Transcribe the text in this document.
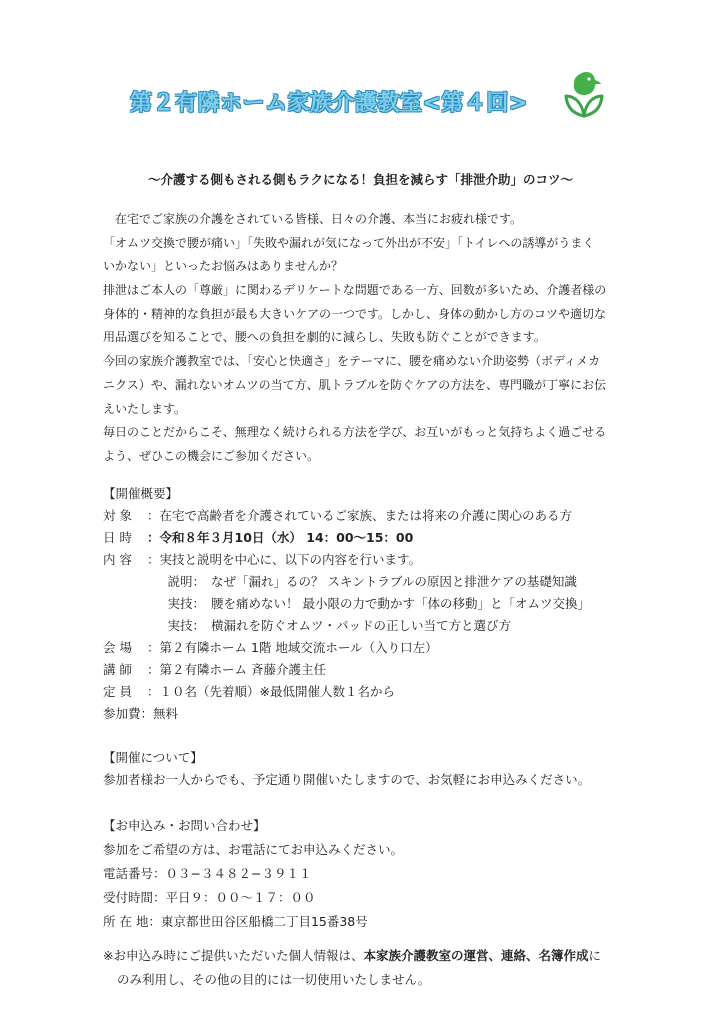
第２有隣ホーム家族介護教室<第４回>
〜介護する側もされる側もラクになる！負担を減らす「排泄介助」のコツ〜
在宅でご家族の介護をされている皆様、日々の介護、本当にお疲れ様です。
「オムツ交換で腰が痛い」「失敗や漏れが気になって外出が不安」「トイレへの誘導がうまく
いかない」といったお悩みはありませんか？
排泄はご本人の「尊厳」に関わるデリケートな問題である一方、回数が多いため、介護者様の
身体的・精神的な負担が最も大きいケアの一つです。しかし、身体の動かし方のコツや適切な
用品選びを知ることで、腰への負担を劇的に減らし、失敗も防ぐことができます。
今回の家族介護教室では、「安心と快適さ」をテーマに、腰を痛めない介助姿勢（ボディメカ
ニクス）や、漏れないオムツの当て方、肌トラブルを防ぐケアの方法を、専門職が丁寧にお伝
えいたします。
毎日のことだからこそ、無理なく続けられる方法を学び、お互いがもっと気持ちよく過ごせる
よう、ぜひこの機会にご参加ください。
【開催概要】
対 象 ：在宅で高齢者を介護されているご家族、または将来の介護に関心のある方
日 時 ：令和８年３月10日（水） 14：00〜15：00
内 容 ：実技と説明を中心に、以下の内容を行います。
説明： なぜ「漏れ」るの？ スキントラブルの原因と排泄ケアの基礎知識
実技： 腰を痛めない！ 最小限の力で動かす「体の移動」と「オムツ交換」
実技： 横漏れを防ぐオムツ・パッドの正しい当て方と選び方
会 場 ：第２有隣ホーム 1階 地域交流ホール（入り口左）
講 師 ：第２有隣ホーム 斉藤介護主任
定 員 ：１０名（先着順）※最低開催人数１名から
参加費：無料
【開催について】
参加者様お一人からでも、予定通り開催いたしますので、お気軽にお申込みください。
【お申込み・お問い合わせ】
参加をご希望の方は、お電話にてお申込みください。
電話番号：０３−３４８２−３９１１
受付時間：平日９：００〜１７：００
所 在 地：東京都世田谷区船橋二丁目15番38号
※お申込み時にご提供いただいた個人情報は、本家族介護教室の運営、連絡、名簿作成に
のみ利用し、その他の目的には一切使用いたしません。
